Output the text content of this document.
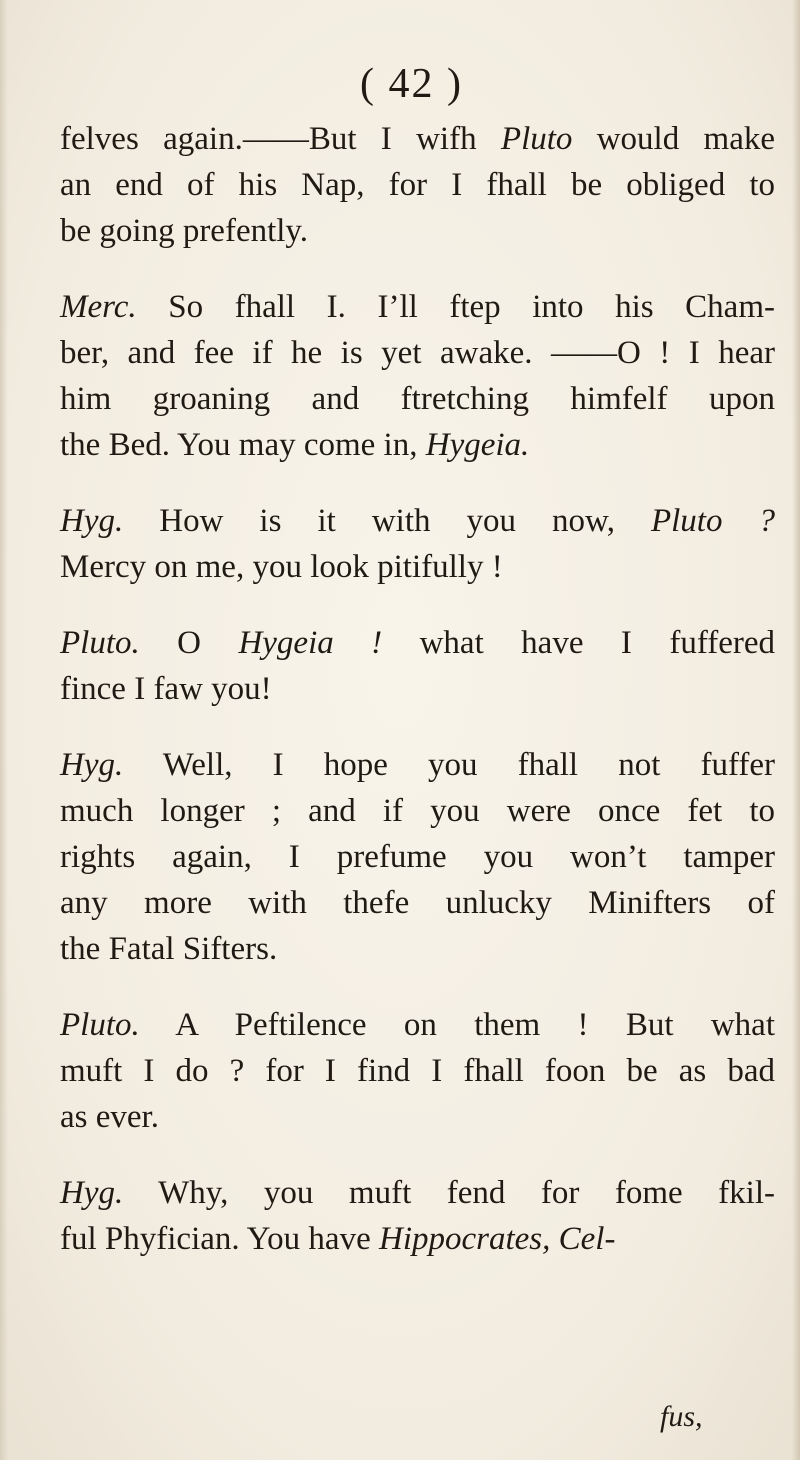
( 42 )
felves again.——But I wifh Pluto would make
an end of his Nap, for I fhall be obliged to
be going prefently.
Merc. So fhall I. I’ll ftep into his Cham-
ber, and fee if he is yet awake. ——O ! I hear
him groaning and ftretching himfelf upon
the Bed. You may come in, Hygeia.
Hyg. How is it with you now, Pluto ?
Mercy on me, you look pitifully !
Pluto. O Hygeia ! what have I fuffered
fince I faw you!
Hyg. Well, I hope you fhall not fuffer
much longer ; and if you were once fet to
rights again, I prefume you won’t tamper
any more with thefe unlucky Minifters of
the Fatal Sifters.
Pluto. A Peftilence on them ! But what
muft I do ? for I find I fhall foon be as bad
as ever.
Hyg. Why, you muft fend for fome fkil-
ful Phyfician. You have Hippocrates, Cel-
fus,
